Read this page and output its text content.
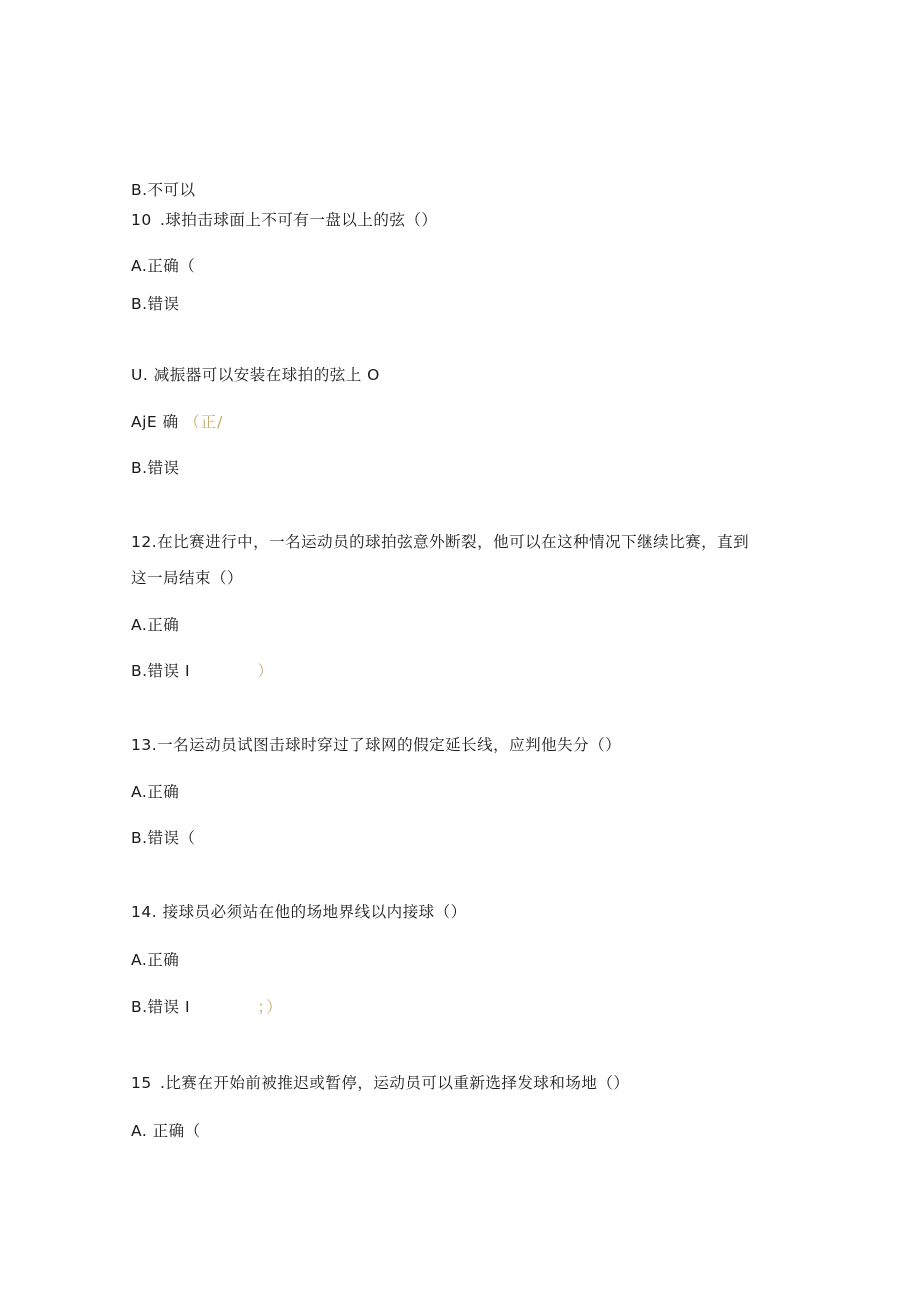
B.不可以
10 .球拍击球面上不可有一盘以上的弦（）
A.正确（
B.错误
U. 减振器可以安装在球拍的弦上 O
AjE 确 （正/
B.错误
12.在比赛进行中，一名运动员的球拍弦意外断裂，他可以在这种情况下继续比赛，直到
这一局结束（）
A.正确
B.错误 I	）
13.一名运动员试图击球时穿过了球网的假定延长线，应判他失分（）
A.正确
B.错误（
14. 接球员必须站在他的场地界线以内接球（）
A.正确
B.错误 I	；）
15 .比赛在开始前被推迟或暂停，运动员可以重新选择发球和场地（）
A. 正确（
